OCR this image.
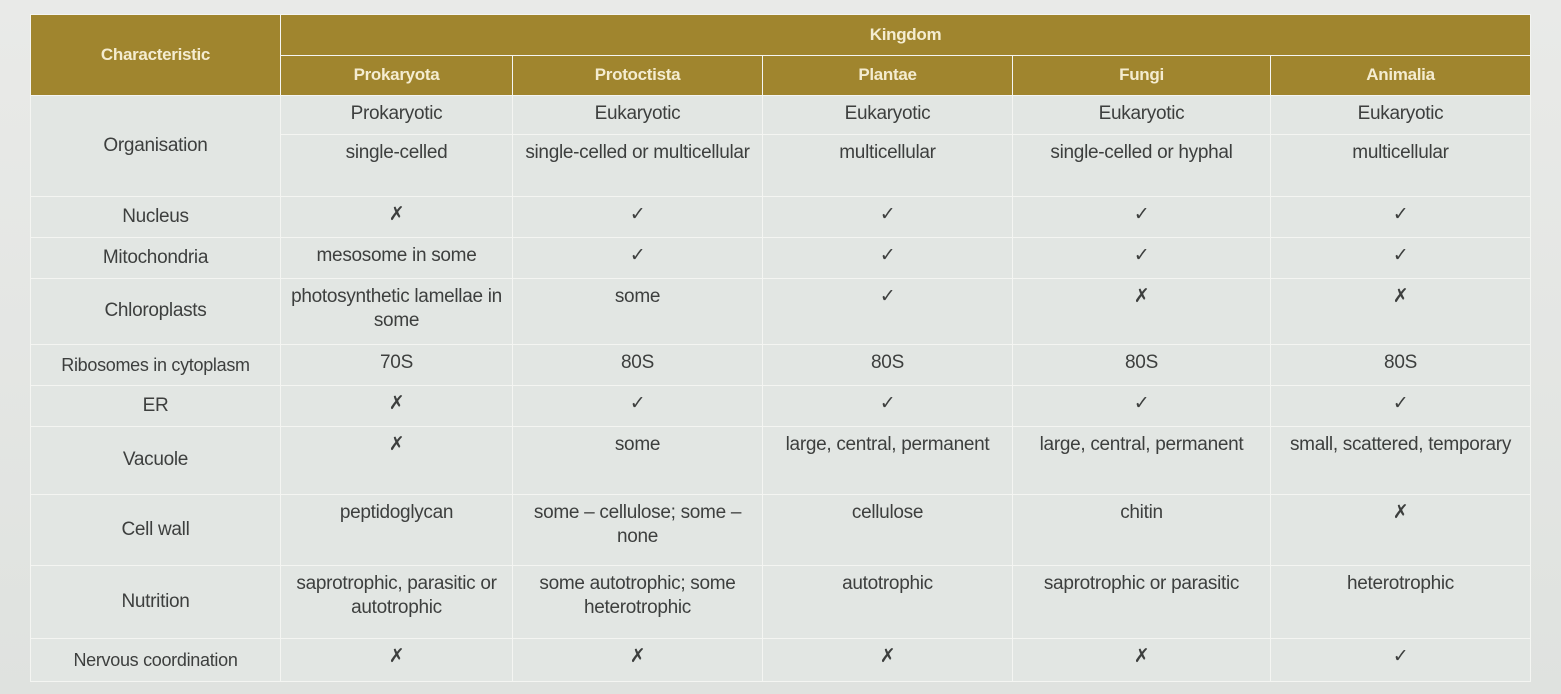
Characteristic	Kingdom				
	Prokaryota	Protoctista	Plantae	Fungi	Animalia
Organisation	Prokaryotic	Eukaryotic	Eukaryotic	Eukaryotic	Eukaryotic
	single-celled	single-celled or multicellular	multicellular	single-celled or hyphal	multicellular
Nucleus	✗	✓	✓	✓	✓
Mitochondria	mesosome in some	✓	✓	✓	✓
Chloroplasts	photosynthetic lamellae in some	some	✓	✗	✗
Ribosomes in cytoplasm	70S	80S	80S	80S	80S
ER	✗	✓	✓	✓	✓
Vacuole	✗	some	large, central, permanent	large, central, permanent	small, scattered, temporary
Cell wall	peptidoglycan	some – cellulose; some – none	cellulose	chitin	✗
Nutrition	saprotrophic, parasitic or autotrophic	some autotrophic; some heterotrophic	autotrophic	saprotrophic or parasitic	heterotrophic
Nervous coordination	✗	✗	✗	✗	✓
